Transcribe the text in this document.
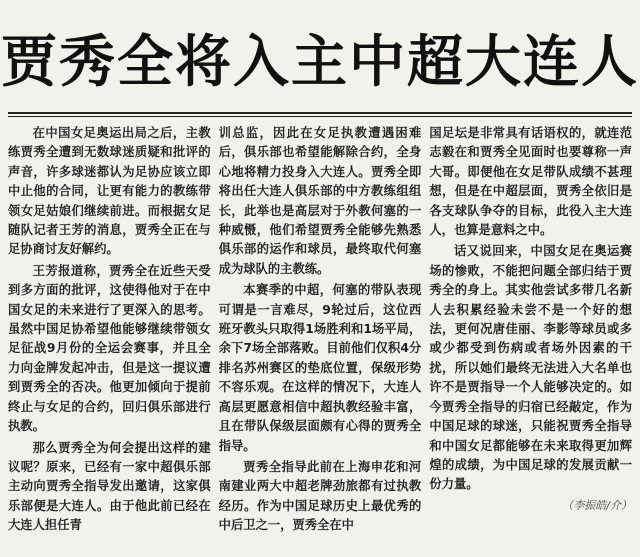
贾秀全将入主中超大连人

在中国女足奥运出局之后，主教练贾秀全遭到无数球迷质疑和批评的声音，许多球迷都认为足协应该立即中止他的合同，让更有能力的教练带领女足姑娘们继续前进。而根据女足随队记者王芳的消息，贾秀全正在与足协商讨友好解约。

王芳报道称，贾秀全在近些天受到多方面的批评，这使得他对于在中国女足的未来进行了更深入的思考。虽然中国足协希望他能够继续带领女足征战9月份的全运会赛事，并且全力向金牌发起冲击，但是这一提议遭到贾秀全的否决。他更加倾向于提前终止与女足的合约，回归俱乐部进行执教。

那么贾秀全为何会提出这样的建议呢？原来，已经有一家中超俱乐部主动向贾秀全指导发出邀请，这家俱乐部便是大连人。由于他此前已经在大连人担任青

训总监，因此在女足执教遭遇困难后，俱乐部也希望能解除合约，全身心地将精力投身入大连人。贾秀全即将出任大连人俱乐部的中方教练组组长，此举也是高层对于外教何塞的一种威慑，他们希望贾秀全能够先熟悉俱乐部的运作和球员，最终取代何塞成为球队的主教练。

本赛季的中超，何塞的带队表现可谓是一言难尽，9轮过后，这位西班牙教头只取得1场胜利和1场平局，余下7场全部落败。目前他们仅积4分排名苏州赛区的垫底位置，保级形势不容乐观。在这样的情况下，大连人高层更愿意相信中超执教经验丰富，且在带队保级层面颇有心得的贾秀全指导。

贾秀全指导此前在上海申花和河南建业两大中超老牌劲旅都有过执教经历。作为中国足球历史上最优秀的中后卫之一，贾秀全在中

国足坛是非常具有话语权的，就连范志毅在和贾秀全见面时也要尊称一声大哥。即便他在女足带队成绩不甚理想，但是在中超层面，贾秀全依旧是各支球队争夺的目标，此役入主大连人，也算是意料之中。

话又说回来，中国女足在奥运赛场的惨败，不能把问题全部归结于贾秀全的身上。其实他尝试多带几名新人去积累经验未尝不是一个好的想法，更何况唐佳丽、李影等球员或多或少都受到伤病或者场外因素的干扰，所以她们最终无法进入大名单也许不是贾指导一个人能够决定的。如今贾秀全指导的归宿已经敲定，作为中国足球的球迷，只能祝贾秀全指导和中国女足都能够在未来取得更加辉煌的成绩，为中国足球的发展贡献一份力量。

（李振皓/介）
